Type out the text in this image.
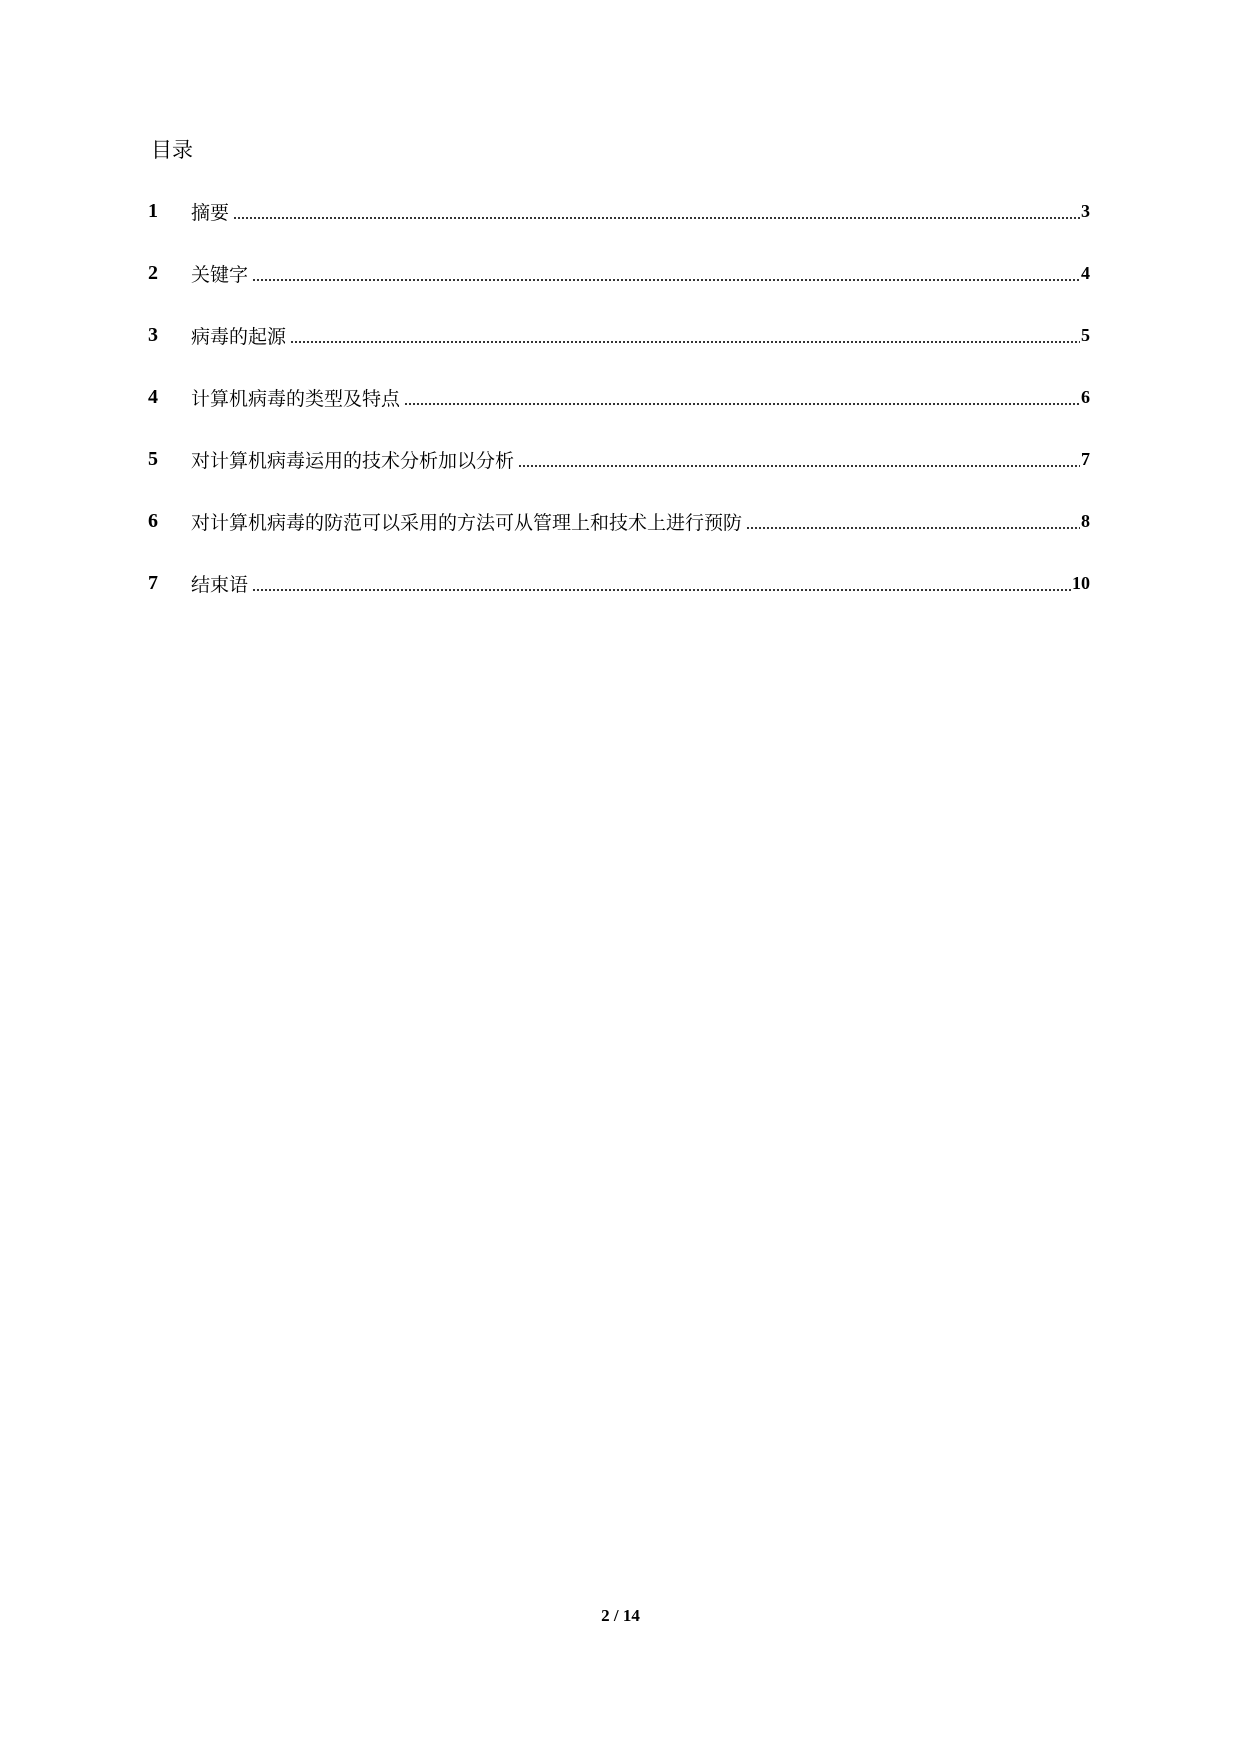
目录
1	摘要	3
2	关键字	4
3	病毒的起源	5
4	计算机病毒的类型及特点	6
5	对计算机病毒运用的技术分析加以分析	7
6	对计算机病毒的防范可以采用的方法可从管理上和技术上进行预防	8
7	结束语	10
2 / 14
